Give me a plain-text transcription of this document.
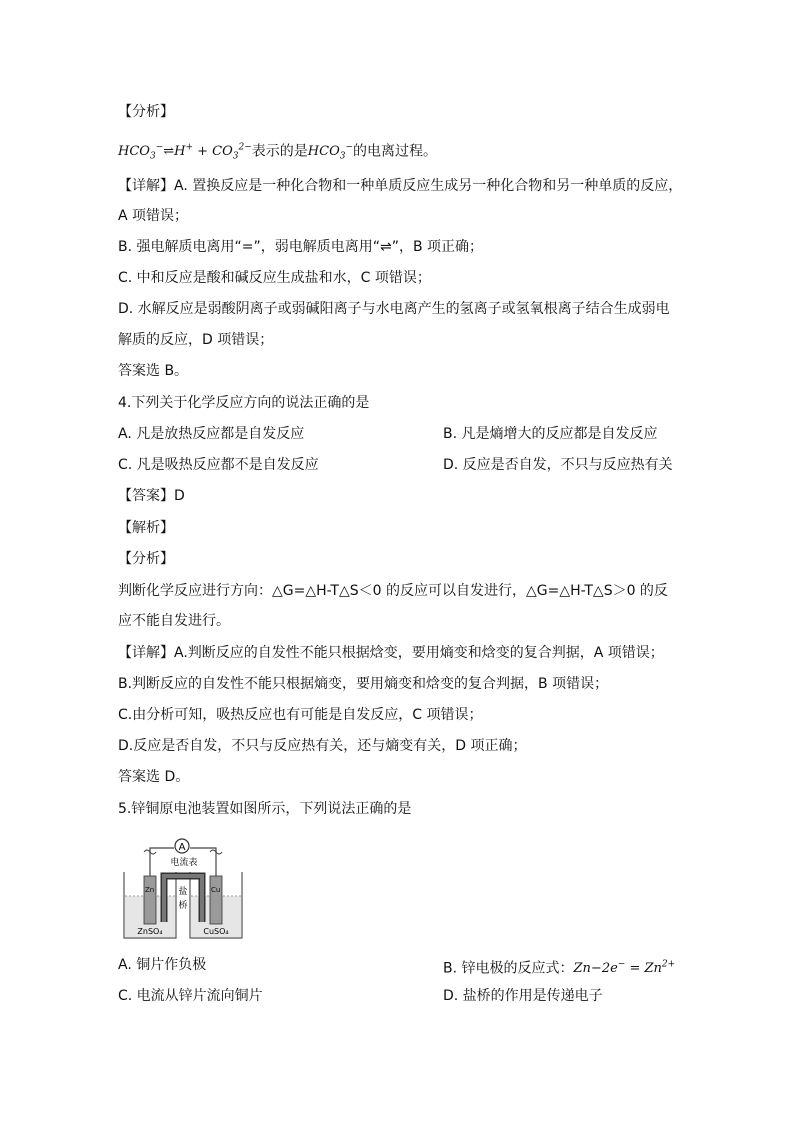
【分析】
$HCO_3^-\rightleftharpoons H^+ + CO_3^{2-}$表示的是$HCO_3^-$的电离过程。
【详解】A. 置换反应是一种化合物和一种单质反应生成另一种化合物和另一种单质的反应，
A 项错误；
B. 强电解质电离用“=”，弱电解质电离用“⇌”，B 项正确；
C. 中和反应是酸和碱反应生成盐和水，C 项错误；
D. 水解反应是弱酸阴离子或弱碱阳离子与水电离产生的氢离子或氢氧根离子结合生成弱电
解质的反应，D 项错误；
答案选 B。
4.下列关于化学反应方向的说法正确的是
A. 凡是放热反应都是自发反应	B. 凡是熵增大的反应都是自发反应
C. 凡是吸热反应都不是自发反应	D. 反应是否自发，不只与反应热有关
【答案】D
【解析】
【分析】
判断化学反应进行方向：△G=△H-T△S＜0 的反应可以自发进行，△G=△H-T△S＞0 的反
应不能自发进行。
【详解】A.判断反应的自发性不能只根据焓变，要用熵变和焓变的复合判据，A 项错误；
B.判断反应的自发性不能只根据熵变，要用熵变和焓变的复合判据，B 项错误；
C.由分析可知，吸热反应也有可能是自发反应，C 项错误；
D.反应是否自发，不只与反应热有关，还与熵变有关，D 项正确；
答案选 D。
5.锌铜原电池装置如图所示，下列说法正确的是
A
电流表
Zn	Cu
盐
桥
ZnSO₄	CuSO₄
A. 铜片作负极	B. 锌电极的反应式：$Zn-2e^- = Zn^{2+}$
C. 电流从锌片流向铜片	D. 盐桥的作用是传递电子
